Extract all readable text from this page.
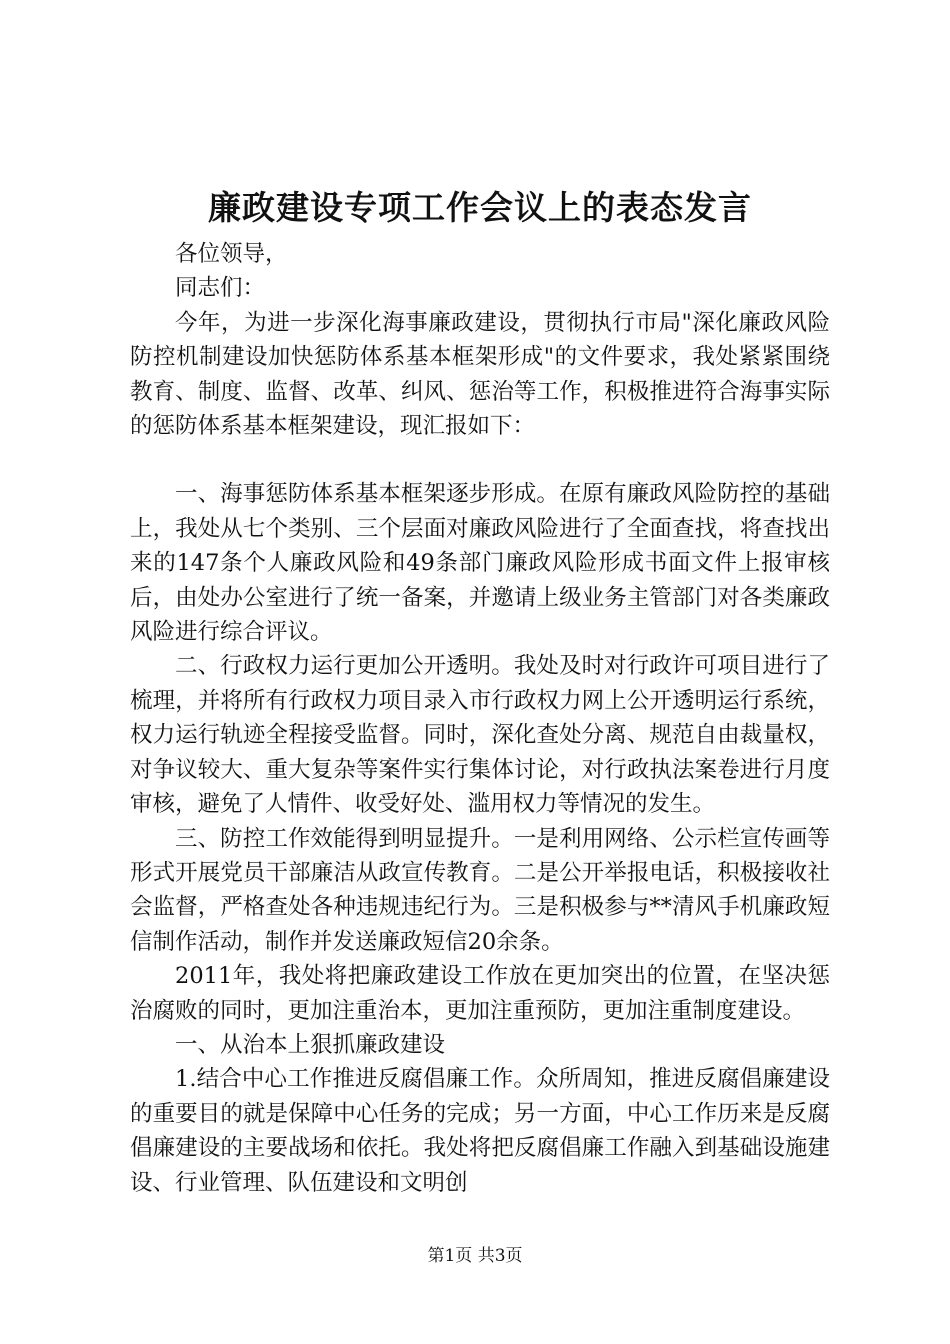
廉政建设专项工作会议上的表态发言

各位领导，

同志们：

今年，为进一步深化海事廉政建设，贯彻执行市局"深化廉政风险防控机制建设加快惩防体系基本框架形成"的文件要求，我处紧紧围绕教育、制度、监督、改革、纠风、惩治等工作，积极推进符合海事实际的惩防体系基本框架建设，现汇报如下：

一、海事惩防体系基本框架逐步形成。在原有廉政风险防控的基础上，我处从七个类别、三个层面对廉政风险进行了全面查找，将查找出来的147条个人廉政风险和49条部门廉政风险形成书面文件上报审核后，由处办公室进行了统一备案，并邀请上级业务主管部门对各类廉政风险进行综合评议。

二、行政权力运行更加公开透明。我处及时对行政许可项目进行了梳理，并将所有行政权力项目录入市行政权力网上公开透明运行系统，权力运行轨迹全程接受监督。同时，深化查处分离、规范自由裁量权，对争议较大、重大复杂等案件实行集体讨论，对行政执法案卷进行月度审核，避免了人情件、收受好处、滥用权力等情况的发生。

三、防控工作效能得到明显提升。一是利用网络、公示栏宣传画等形式开展党员干部廉洁从政宣传教育。二是公开举报电话，积极接收社会监督，严格查处各种违规违纪行为。三是积极参与**清风手机廉政短信制作活动，制作并发送廉政短信20余条。

2011年，我处将把廉政建设工作放在更加突出的位置，在坚决惩治腐败的同时，更加注重治本，更加注重预防，更加注重制度建设。

一、从治本上狠抓廉政建设

1.结合中心工作推进反腐倡廉工作。众所周知，推进反腐倡廉建设的重要目的就是保障中心任务的完成；另一方面，中心工作历来是反腐倡廉建设的主要战场和依托。我处将把反腐倡廉工作融入到基础设施建设、行业管理、队伍建设和文明创

第1页 共3页
